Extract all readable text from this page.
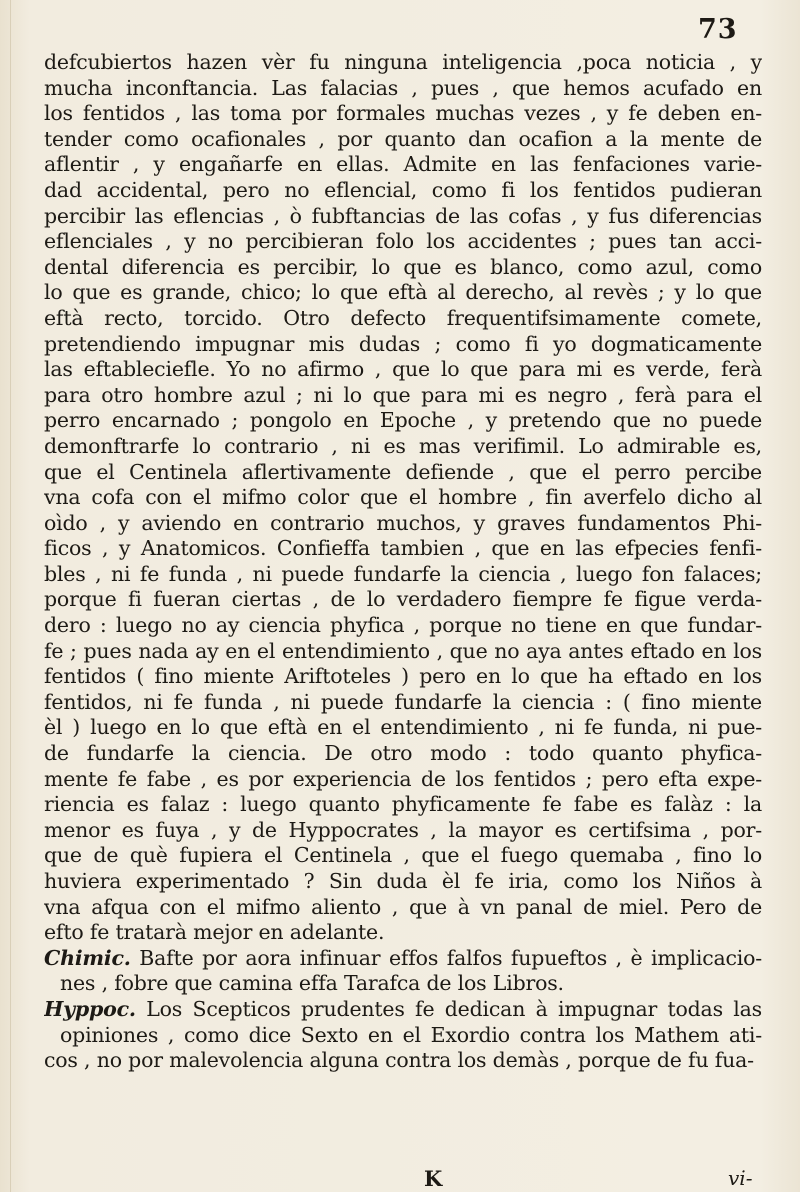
73
defcubiertos hazen vèr fu ninguna inteligencia ,poca noticia , y
mucha inconftancia. Las falacias , pues , que hemos acufado en
los fentidos , las toma por formales muchas vezes , y fe deben en-
tender como ocafionales , por quanto dan ocafion a la mente de
aflentir , y engañarfe en ellas. Admite en las fenfaciones varie-
dad accidental, pero no eflencial, como fi los fentidos pudieran
percibir las eflencias , ò fubftancias de las cofas , y fus diferencias
eflenciales , y no percibieran folo los accidentes ; pues tan acci-
dental diferencia es percibir, lo que es blanco, como azul, como
lo que es grande, chico; lo que eftà al derecho, al revès ; y lo que
eftà recto, torcido. Otro defecto frequentifsimamente comete,
pretendiendo impugnar mis dudas ; como fi yo dogmaticamente
las eftableciefle. Yo no afirmo , que lo que para mi es verde, ferà
para otro hombre azul ; ni lo que para mi es negro , ferà para el
perro encarnado ; pongolo en Epoche , y pretendo que no puede
demonftrarfe lo contrario , ni es mas verifimil. Lo admirable es,
que el Centinela aflertivamente defiende , que el perro percibe
vna cofa con el mifmo color que el hombre , fin averfelo dicho al
oìdo , y aviendo en contrario muchos, y graves fundamentos Phi-
ficos , y Anatomicos. Confieffa tambien , que en las efpecies fenfi-
bles , ni fe funda , ni puede fundarfe la ciencia , luego fon falaces;
porque fi fueran ciertas , de lo verdadero fiempre fe figue verda-
dero : luego no ay ciencia phyfica , porque no tiene en que fundar-
fe ; pues nada ay en el entendimiento , que no aya antes eftado en los
fentidos ( fino miente Ariftoteles ) pero en lo que ha eftado en los
fentidos, ni fe funda , ni puede fundarfe la ciencia : ( fino miente
èl ) luego en lo que eftà en el entendimiento , ni fe funda, ni pue-
de fundarfe la ciencia. De otro modo : todo quanto phyfica-
mente fe fabe , es por experiencia de los fentidos ; pero efta expe-
riencia es falaz : luego quanto phyficamente fe fabe es falàz : la
menor es fuya , y de Hyppocrates , la mayor es certifsima , por-
que de què fupiera el Centinela , que el fuego quemaba , fino lo
huviera experimentado ? Sin duda èl fe iria, como los Niños à
vna afqua con el mifmo aliento , que à vn panal de miel. Pero de
efto fe tratarà mejor en adelante.
Chimic. Bafte por aora infinuar effos falfos fupueftos , è implicacio-
nes , fobre que camina effa Tarafca de los Libros.
Hyppoc. Los Scepticos prudentes fe dedican à impugnar todas las
opiniones , como dice Sexto en el Exordio contra los Mathem ati-
cos , no por malevolencia alguna contra los demàs , porque de fu fua-
K	vi-
